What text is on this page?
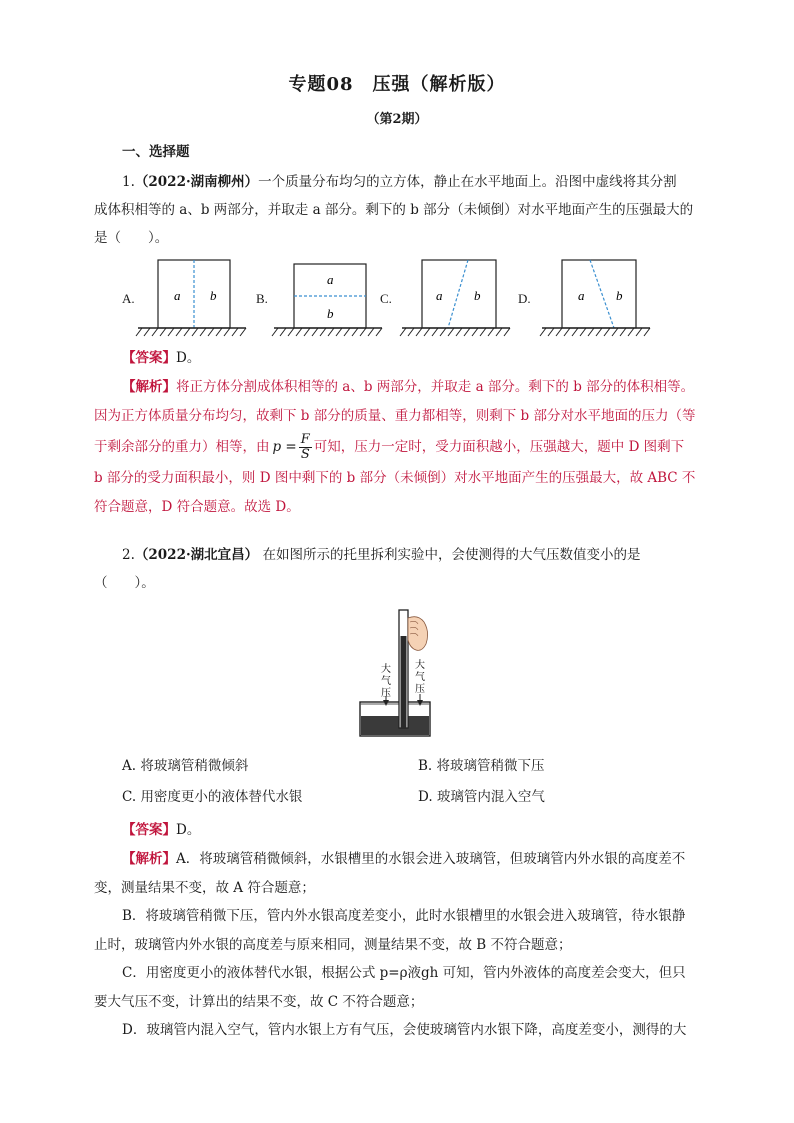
专题08　压强（解析版）
（第2期）
一、选择题
1.（2022·湖南柳州）一个质量分布均匀的立方体，静止在水平地面上。沿图中虚线将其分割
成体积相等的 a、b 两部分，并取走 a 部分。剩下的 b 部分（未倾倒）对水平地面产生的压强最大的
是（　　）。
A.	a b	B.
a
b
C.	a b	D.	a b
【答案】D。
【解析】将正方体分割成体积相等的 a、b 两部分，并取走 a 部分。剩下的 b 部分的体积相等。
因为正方体质量分布均匀，故剩下 b 部分的质量、重力都相等，则剩下 b 部分对水平地面的压力（等
于剩余部分的重力）相等，由 $p = \frac{F}{S}$ 可知，压力一定时，受力面积越小，压强越大，题中 D 图剩下
b 部分的受力面积最小，则 D 图中剩下的 b 部分（未倾倒）对水平地面产生的压强最大，故 ABC 不
符合题意，D 符合题意。故选 D。
2.（2022·湖北宜昌） 在如图所示的托里拆利实验中，会使测得的大气压数值变小的是
（　　）。
大气压
大气压
A. 将玻璃管稍微倾斜	B. 将玻璃管稍微下压
C. 用密度更小的液体替代水银	D. 玻璃管内混入空气
【答案】D。
【解析】A．将玻璃管稍微倾斜，水银槽里的水银会进入玻璃管，但玻璃管内外水银的高度差不
变，测量结果不变，故 A 符合题意；
B．将玻璃管稍微下压，管内外水银高度差变小，此时水银槽里的水银会进入玻璃管，待水银静
止时，玻璃管内外水银的高度差与原来相同，测量结果不变，故 B 不符合题意；
C．用密度更小的液体替代水银，根据公式 p=ρ液gh 可知，管内外液体的高度差会变大，但只
要大气压不变，计算出的结果不变，故 C 不符合题意；
D．玻璃管内混入空气，管内水银上方有气压，会使玻璃管内水银下降，高度差变小，测得的大
